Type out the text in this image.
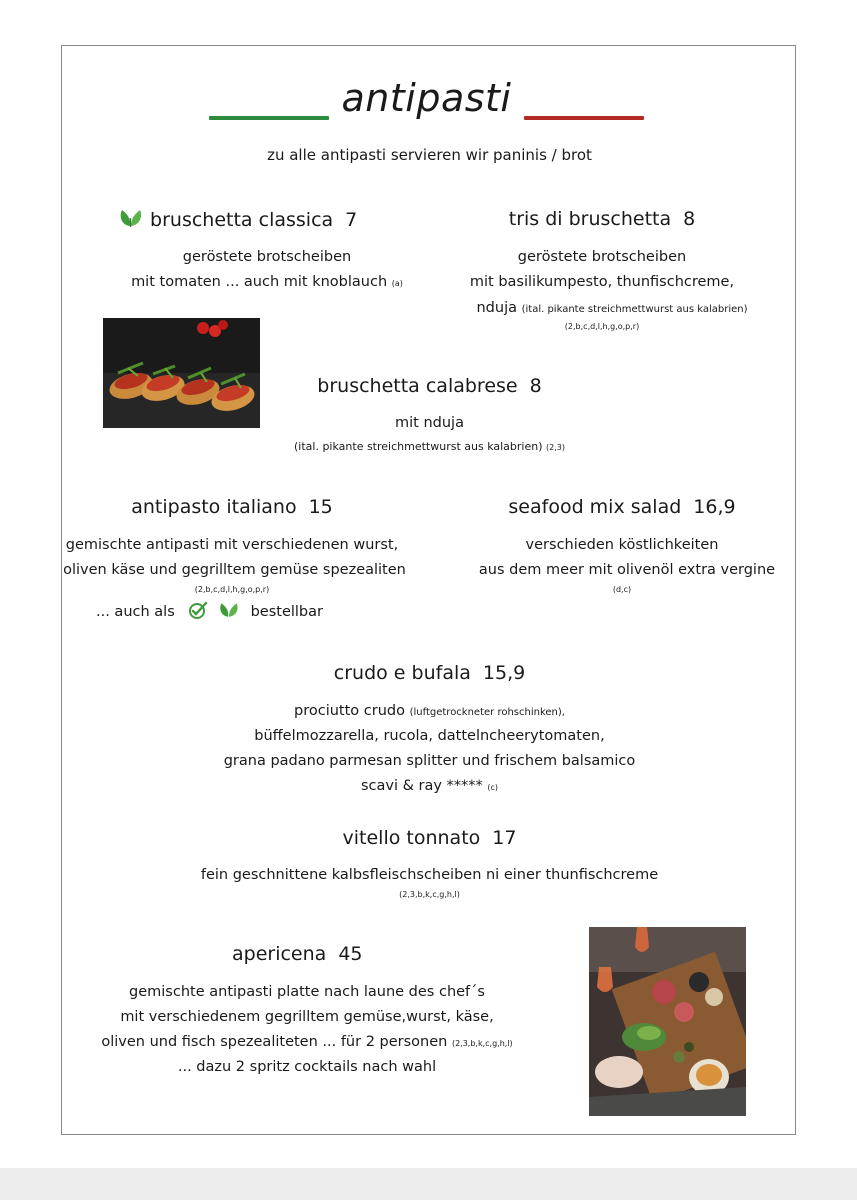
antipasti
zu alle antipasti servieren wir paninis / brot
bruschetta classica 7
geröstete brotscheiben
mit tomaten ... auch mit knoblauch (a)
tris di bruschetta 8
geröstete brotscheiben
mit basilikumpesto, thunfischcreme,
nduja (ital. pikante streichmettwurst aus kalabrien)
(2,b,c,d,l,h,g,o,p,r)
bruschetta calabrese 8
mit nduja
(ital. pikante streichmettwurst aus kalabrien) (2,3)
antipasto italiano 15
gemischte antipasti mit verschiedenen wurst,
oliven käse und gegrilltem gemüse spezealiten
(2,b,c,d,l,h,g,o,p,r)
... auch als	bestellbar
seafood mix salad 16,9
verschieden köstlichkeiten
aus dem meer mit olivenöl extra vergine
(d,c)
crudo e bufala 15,9
prociutto crudo (luftgetrockneter rohschinken),
büffelmozzarella, rucola, dattelncheerytomaten,
grana padano parmesan splitter und frischem balsamico
scavi & ray ***** (c)
vitello tonnato 17
fein geschnittene kalbsfleischscheiben ni einer thunfischcreme
(2,3,b,k,c,g,h,l)
apericena 45
gemischte antipasti platte nach laune des chef´s
mit verschiedenem gegrilltem gemüse,wurst, käse,
oliven und fisch spezealiteten ... für 2 personen (2,3,b,k,c,g,h,l)
... dazu 2 spritz cocktails nach wahl
